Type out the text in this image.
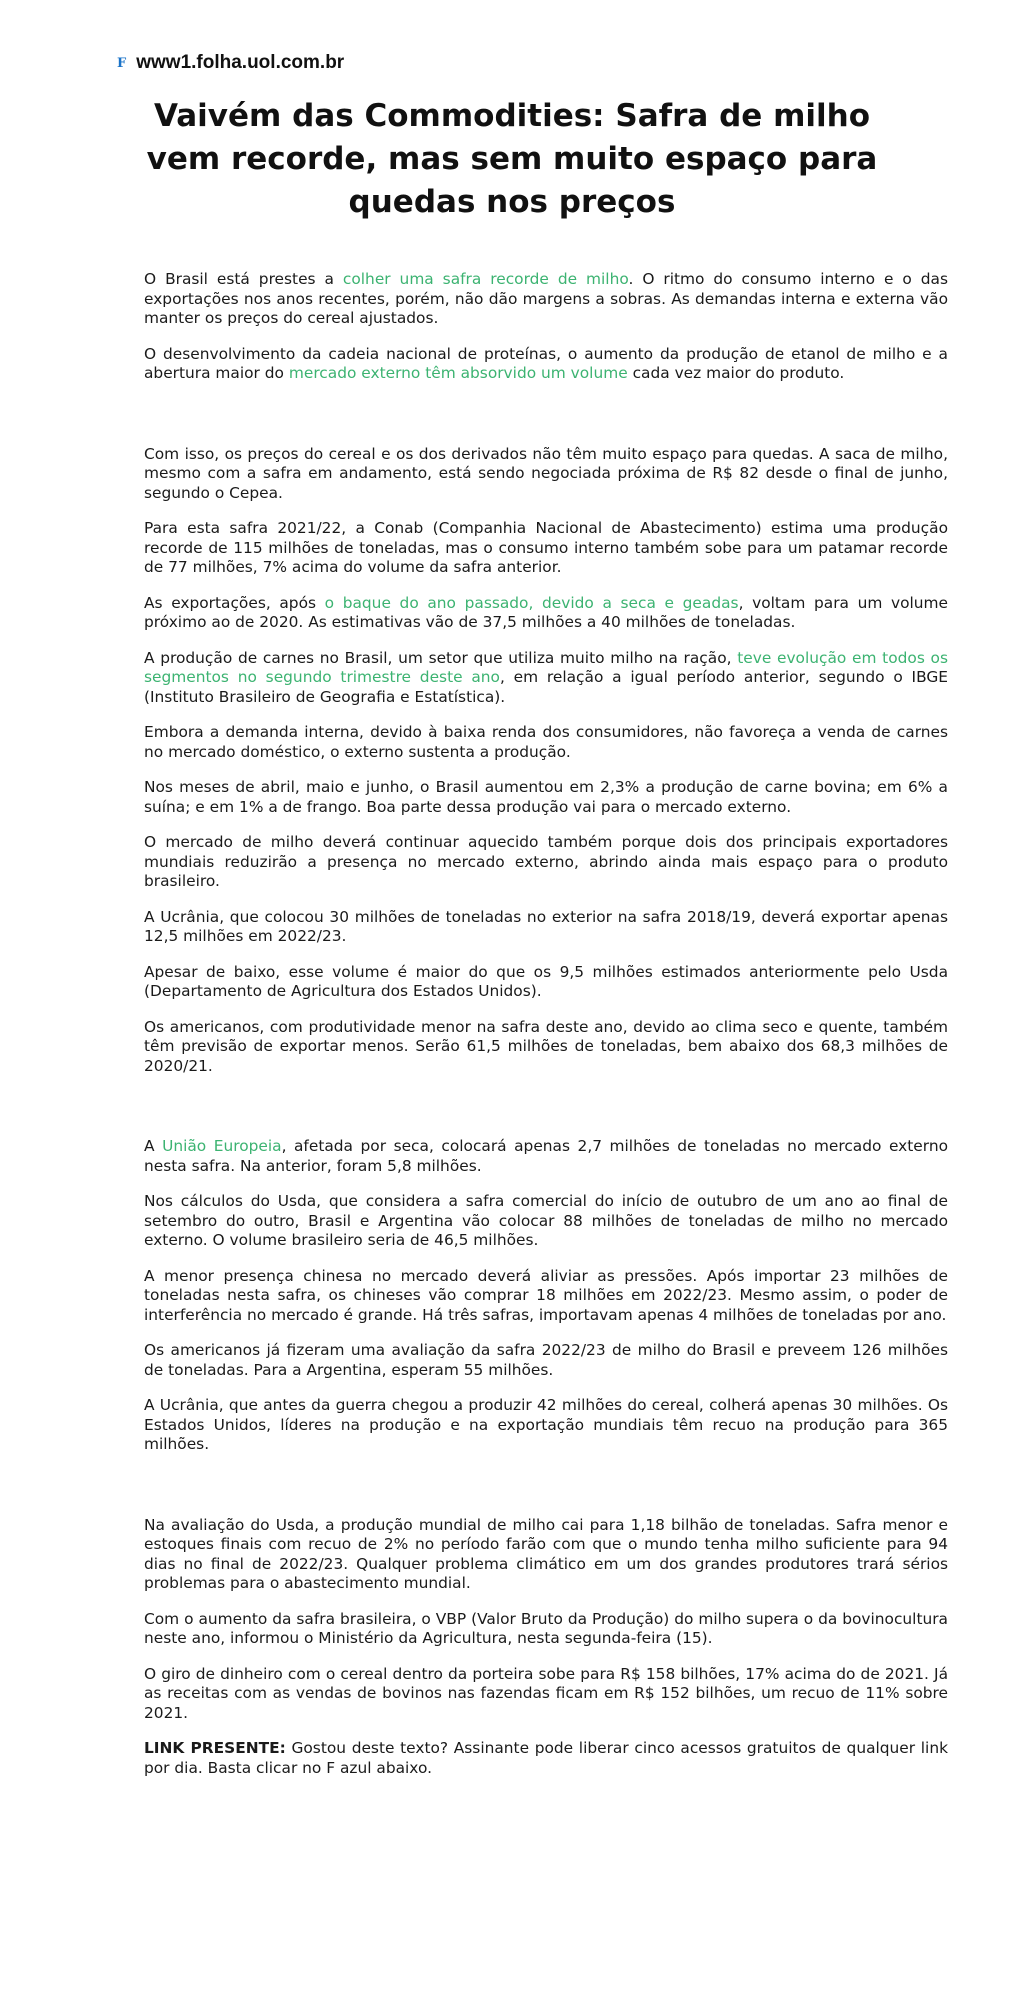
F www1.folha.uol.com.br
Vaivém das Commodities: Safra de milho vem recorde, mas sem muito espaço para quedas nos preços

O Brasil está prestes a colher uma safra recorde de milho. O ritmo do consumo interno e o das exportações nos anos recentes, porém, não dão margens a sobras. As demandas interna e externa vão manter os preços do cereal ajustados.

O desenvolvimento da cadeia nacional de proteínas, o aumento da produção de etanol de milho e a abertura maior do mercado externo têm absorvido um volume cada vez maior do produto.

Com isso, os preços do cereal e os dos derivados não têm muito espaço para quedas. A saca de milho, mesmo com a safra em andamento, está sendo negociada próxima de R$ 82 desde o final de junho, segundo o Cepea.

Para esta safra 2021/22, a Conab (Companhia Nacional de Abastecimento) estima uma produção recorde de 115 milhões de toneladas, mas o consumo interno também sobe para um patamar recorde de 77 milhões, 7% acima do volume da safra anterior.

As exportações, após o baque do ano passado, devido a seca e geadas, voltam para um volume próximo ao de 2020. As estimativas vão de 37,5 milhões a 40 milhões de toneladas.

A produção de carnes no Brasil, um setor que utiliza muito milho na ração, teve evolução em todos os segmentos no segundo trimestre deste ano, em relação a igual período anterior, segundo o IBGE (Instituto Brasileiro de Geografia e Estatística).

Embora a demanda interna, devido à baixa renda dos consumidores, não favoreça a venda de carnes no mercado doméstico, o externo sustenta a produção.

Nos meses de abril, maio e junho, o Brasil aumentou em 2,3% a produção de carne bovina; em 6% a suína; e em 1% a de frango. Boa parte dessa produção vai para o mercado externo.

O mercado de milho deverá continuar aquecido também porque dois dos principais exportadores mundiais reduzirão a presença no mercado externo, abrindo ainda mais espaço para o produto brasileiro.

A Ucrânia, que colocou 30 milhões de toneladas no exterior na safra 2018/19, deverá exportar apenas 12,5 milhões em 2022/23.

Apesar de baixo, esse volume é maior do que os 9,5 milhões estimados anteriormente pelo Usda (Departamento de Agricultura dos Estados Unidos).

Os americanos, com produtividade menor na safra deste ano, devido ao clima seco e quente, também têm previsão de exportar menos. Serão 61,5 milhões de toneladas, bem abaixo dos 68,3 milhões de 2020/21.

A União Europeia, afetada por seca, colocará apenas 2,7 milhões de toneladas no mercado externo nesta safra. Na anterior, foram 5,8 milhões.

Nos cálculos do Usda, que considera a safra comercial do início de outubro de um ano ao final de setembro do outro, Brasil e Argentina vão colocar 88 milhões de toneladas de milho no mercado externo. O volume brasileiro seria de 46,5 milhões.

A menor presença chinesa no mercado deverá aliviar as pressões. Após importar 23 milhões de toneladas nesta safra, os chineses vão comprar 18 milhões em 2022/23. Mesmo assim, o poder de interferência no mercado é grande. Há três safras, importavam apenas 4 milhões de toneladas por ano.

Os americanos já fizeram uma avaliação da safra 2022/23 de milho do Brasil e preveem 126 milhões de toneladas. Para a Argentina, esperam 55 milhões.

A Ucrânia, que antes da guerra chegou a produzir 42 milhões do cereal, colherá apenas 30 milhões. Os Estados Unidos, líderes na produção e na exportação mundiais têm recuo na produção para 365 milhões.

Na avaliação do Usda, a produção mundial de milho cai para 1,18 bilhão de toneladas. Safra menor e estoques finais com recuo de 2% no período farão com que o mundo tenha milho suficiente para 94 dias no final de 2022/23. Qualquer problema climático em um dos grandes produtores trará sérios problemas para o abastecimento mundial.

Com o aumento da safra brasileira, o VBP (Valor Bruto da Produção) do milho supera o da bovinocultura neste ano, informou o Ministério da Agricultura, nesta segunda-feira (15).

O giro de dinheiro com o cereal dentro da porteira sobe para R$ 158 bilhões, 17% acima do de 2021. Já as receitas com as vendas de bovinos nas fazendas ficam em R$ 152 bilhões, um recuo de 11% sobre 2021.

LINK PRESENTE: Gostou deste texto? Assinante pode liberar cinco acessos gratuitos de qualquer link por dia. Basta clicar no F azul abaixo.
